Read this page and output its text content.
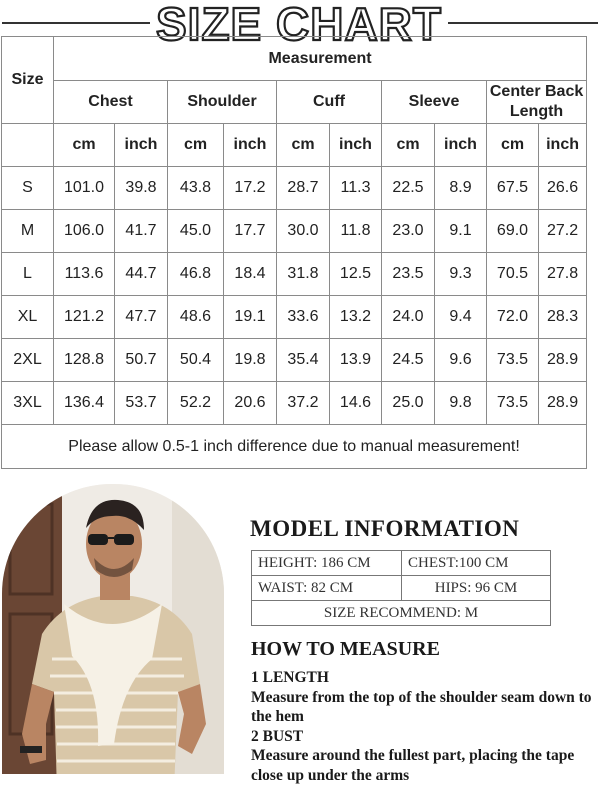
SIZE CHART
Size	Measurement									
	Chest		Shoulder		Cuff		Sleeve		Center Back Length	
	cm	inch	cm	inch	cm	inch	cm	inch	cm	inch
S	101.0	39.8	43.8	17.2	28.7	11.3	22.5	8.9	67.5	26.6
M	106.0	41.7	45.0	17.7	30.0	11.8	23.0	9.1	69.0	27.2
L	113.6	44.7	46.8	18.4	31.8	12.5	23.5	9.3	70.5	27.8
XL	121.2	47.7	48.6	19.1	33.6	13.2	24.0	9.4	72.0	28.3
2XL	128.8	50.7	50.4	19.8	35.4	13.9	24.5	9.6	73.5	28.9
3XL	136.4	53.7	52.2	20.6	37.2	14.6	25.0	9.8	73.5	28.9
Please allow 0.5-1 inch difference due to manual measurement!										
MODEL INFORMATION
HEIGHT: 186 CM	CHEST:100 CM
WAIST: 82 CM	HIPS: 96 CM
SIZE RECOMMEND: M	
HOW TO MEASURE
1 LENGTH
Measure from the top of the shoulder seam down to the hem
2 BUST
Measure around the fullest part, placing the tape close up under the arms
